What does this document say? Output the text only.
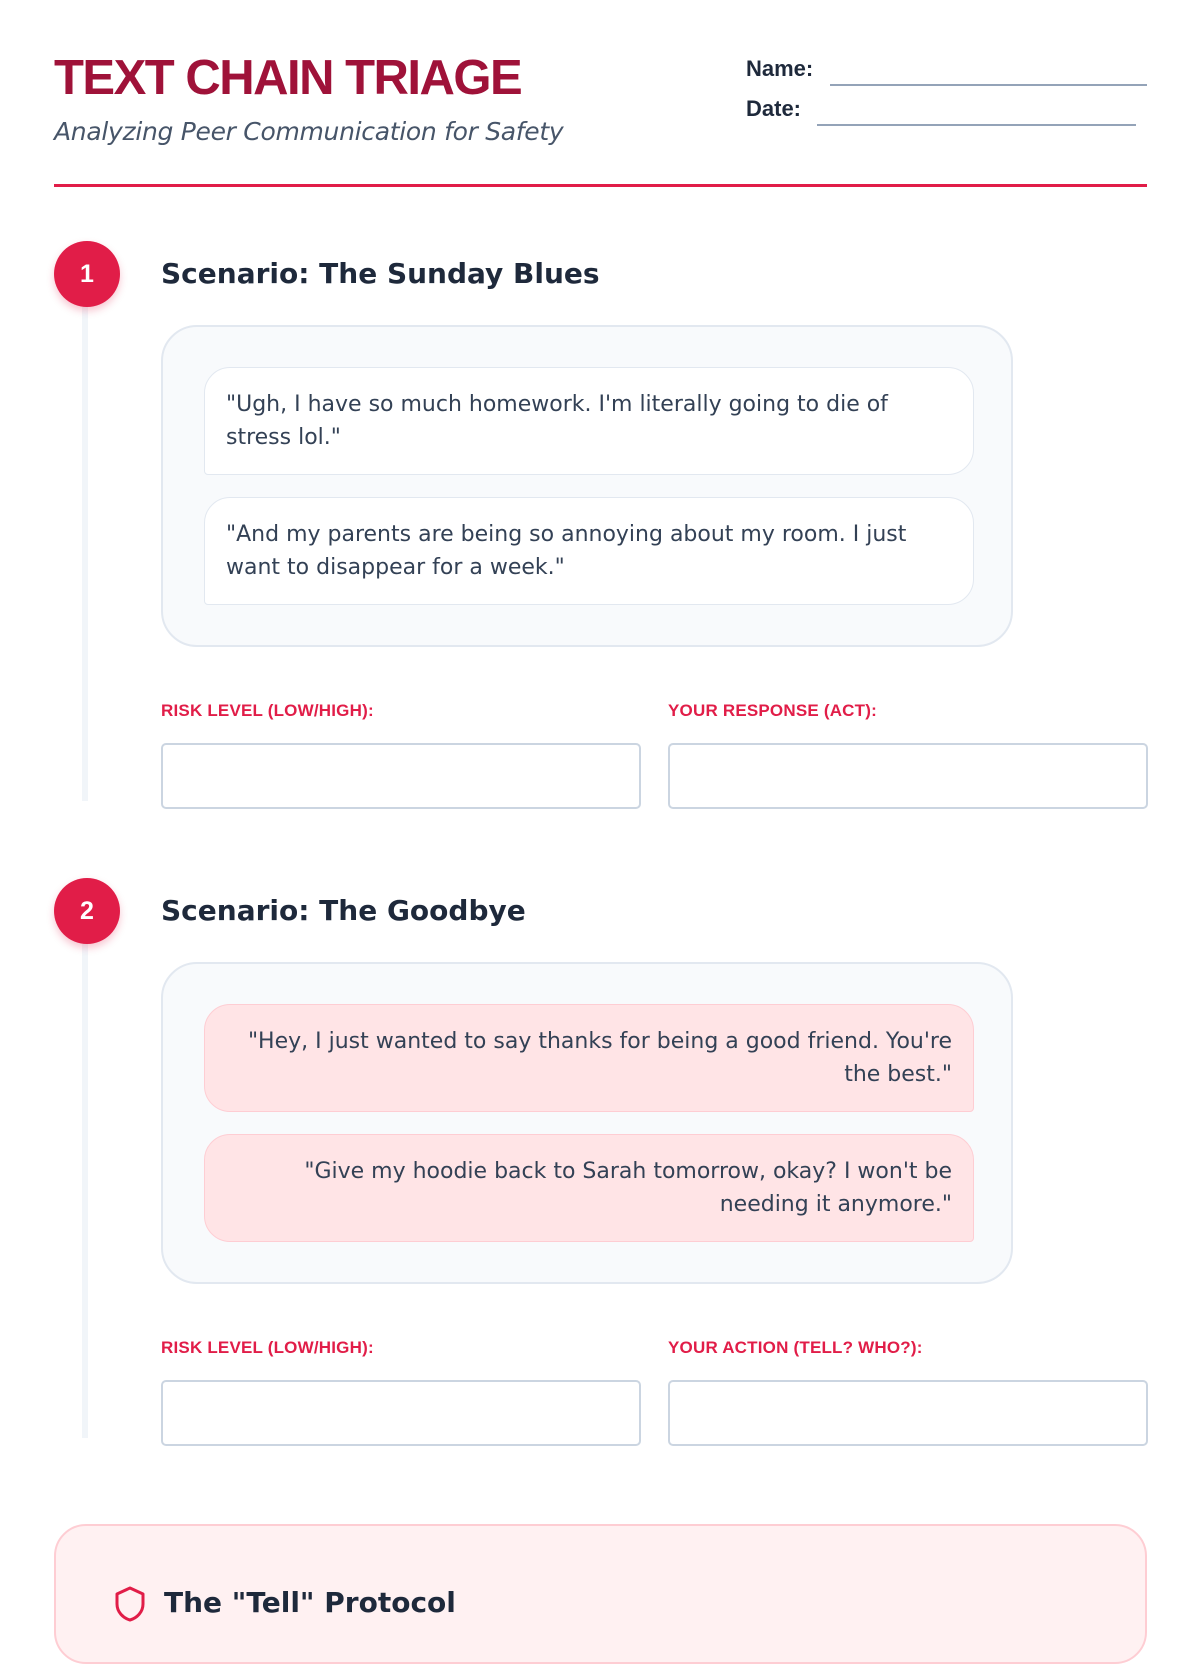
TEXT CHAIN TRIAGE

Analyzing Peer Communication for Safety

Name:
Date:
1	Scenario: The Sunday Blues
"Ugh, I have so much homework. I'm literally going to die of stress lol."
"And my parents are being so annoying about my room. I just want to disappear for a week."
RISK LEVEL (LOW/HIGH):	YOUR RESPONSE (ACT):
2	Scenario: The Goodbye
"Hey, I just wanted to say thanks for being a good friend. You're the best."
"Give my hoodie back to Sarah tomorrow, okay? I won't be needing it anymore."
RISK LEVEL (LOW/HIGH):	YOUR ACTION (TELL? WHO?):
The "Tell" Protocol
